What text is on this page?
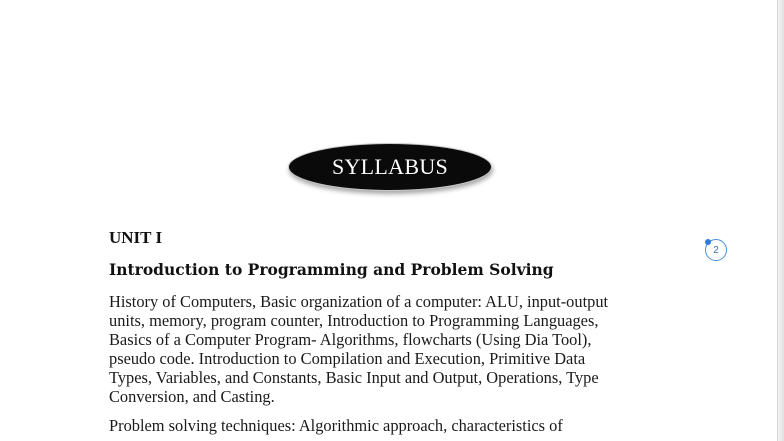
SYLLABUS
UNIT I
Introduction to Programming and Problem Solving

History of Computers, Basic organization of a computer: ALU, input-output
units, memory, program counter, Introduction to Programming Languages,
Basics of a Computer Program- Algorithms, flowcharts (Using Dia Tool),
pseudo code. Introduction to Compilation and Execution, Primitive Data
Types, Variables, and Constants, Basic Input and Output, Operations, Type
Conversion, and Casting.

Problem solving techniques: Algorithmic approach, characteristics of

2
